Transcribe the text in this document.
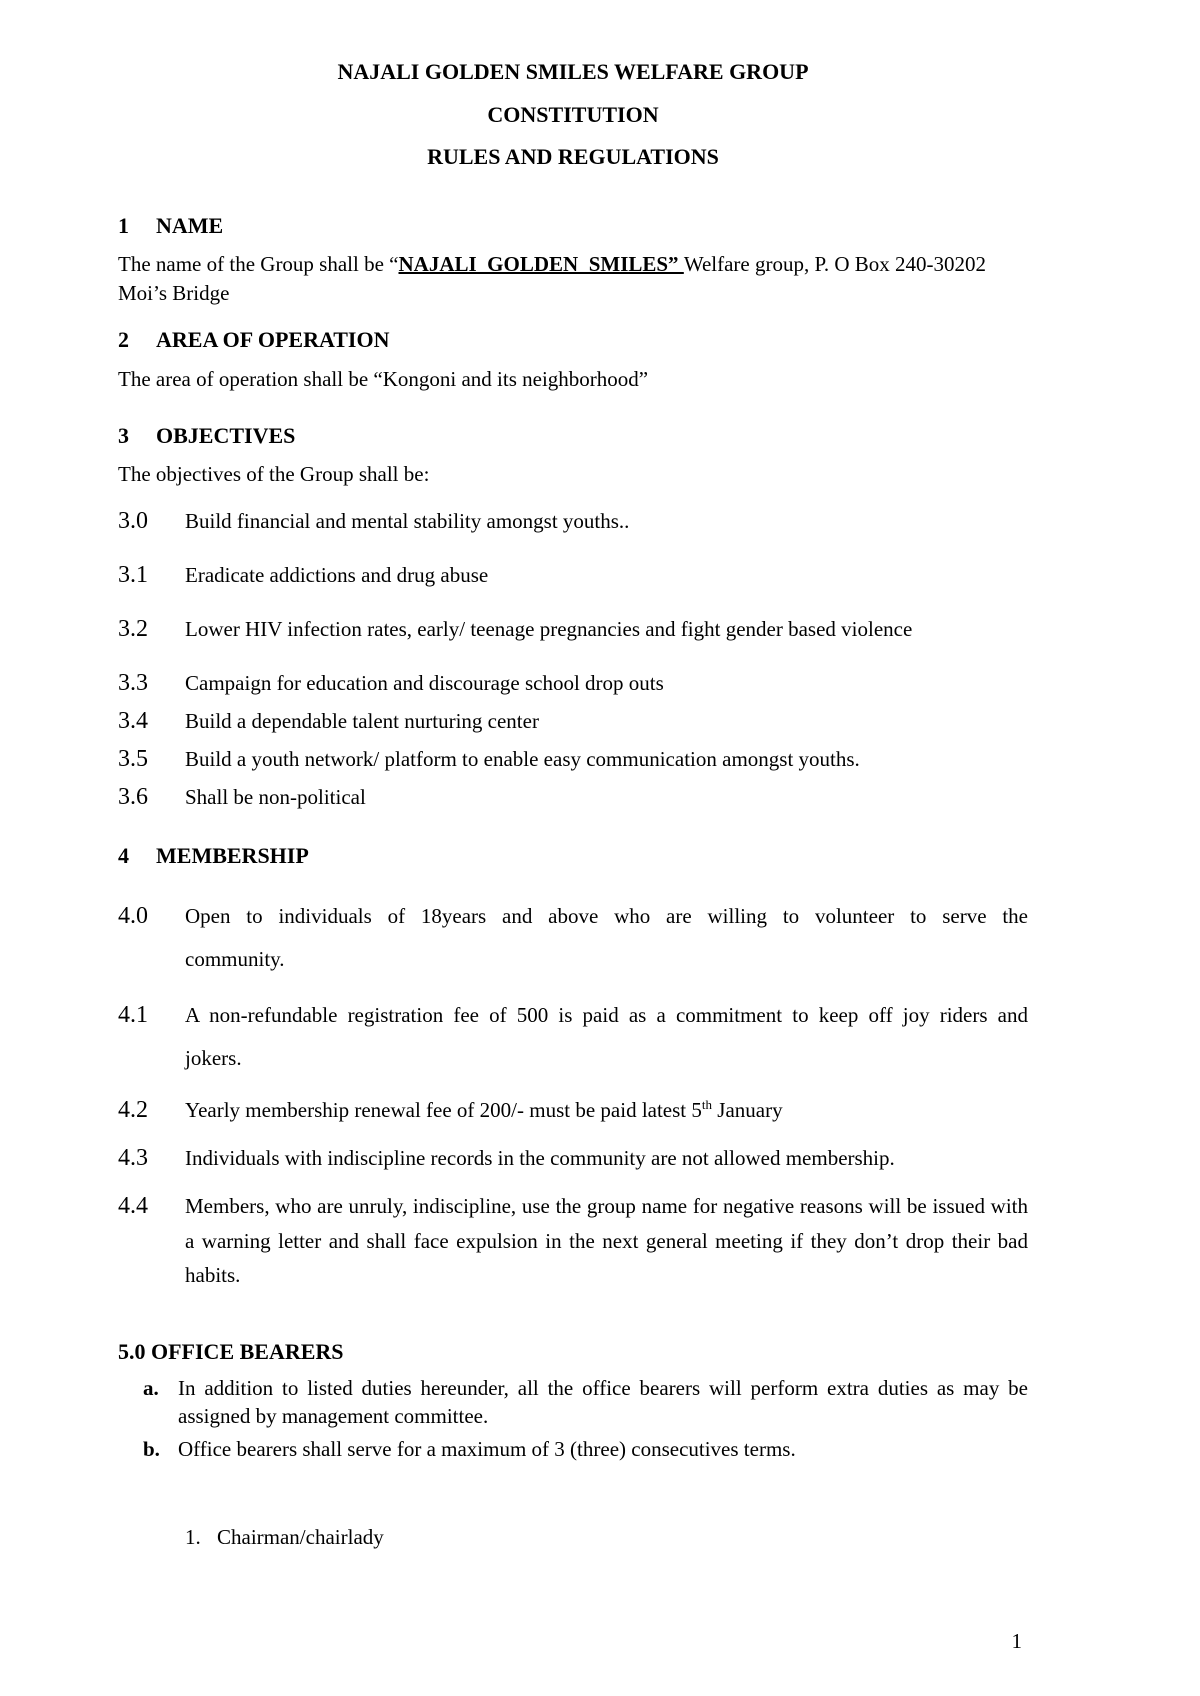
NAJALI GOLDEN SMILES WELFARE GROUP
CONSTITUTION
RULES AND REGULATIONS
1 NAME

The name of the Group shall be “NAJALI  GOLDEN  SMILES” Welfare group, P. O Box 240-30202 Moi’s Bridge

2 AREA OF OPERATION

The area of operation shall be “Kongoni and its neighborhood”

3 OBJECTIVES

The objectives of the Group shall be:

3.0	Build financial and mental stability amongst youths..
3.1	Eradicate addictions and drug abuse
3.2	Lower HIV infection rates, early/ teenage pregnancies and fight gender based violence
3.3	Campaign for education and discourage school drop outs
3.4	Build a dependable talent nurturing center
3.5	Build a youth network/ platform to enable easy communication amongst youths.
3.6	Shall be non-political
4 MEMBERSHIP
4.0	Open to individuals of 18years and above who are willing to volunteer to serve the community.
4.1	A non-refundable registration fee of 500 is paid as a commitment to keep off joy riders and jokers.
4.2	Yearly membership renewal fee of 200/- must be paid latest 5th January
4.3	Individuals with indiscipline records in the community are not allowed membership.
4.4	Members, who are unruly, indiscipline, use the group name for negative reasons will be issued with a warning letter and shall face expulsion in the next general meeting if they don’t drop their bad habits.
5.0 OFFICE BEARERS
a. In addition to listed duties hereunder, all the office bearers will perform extra duties as may be assigned by management committee.
b. Office bearers shall serve for a maximum of 3 (three) consecutives terms.
1. Chairman/chairlady
1
